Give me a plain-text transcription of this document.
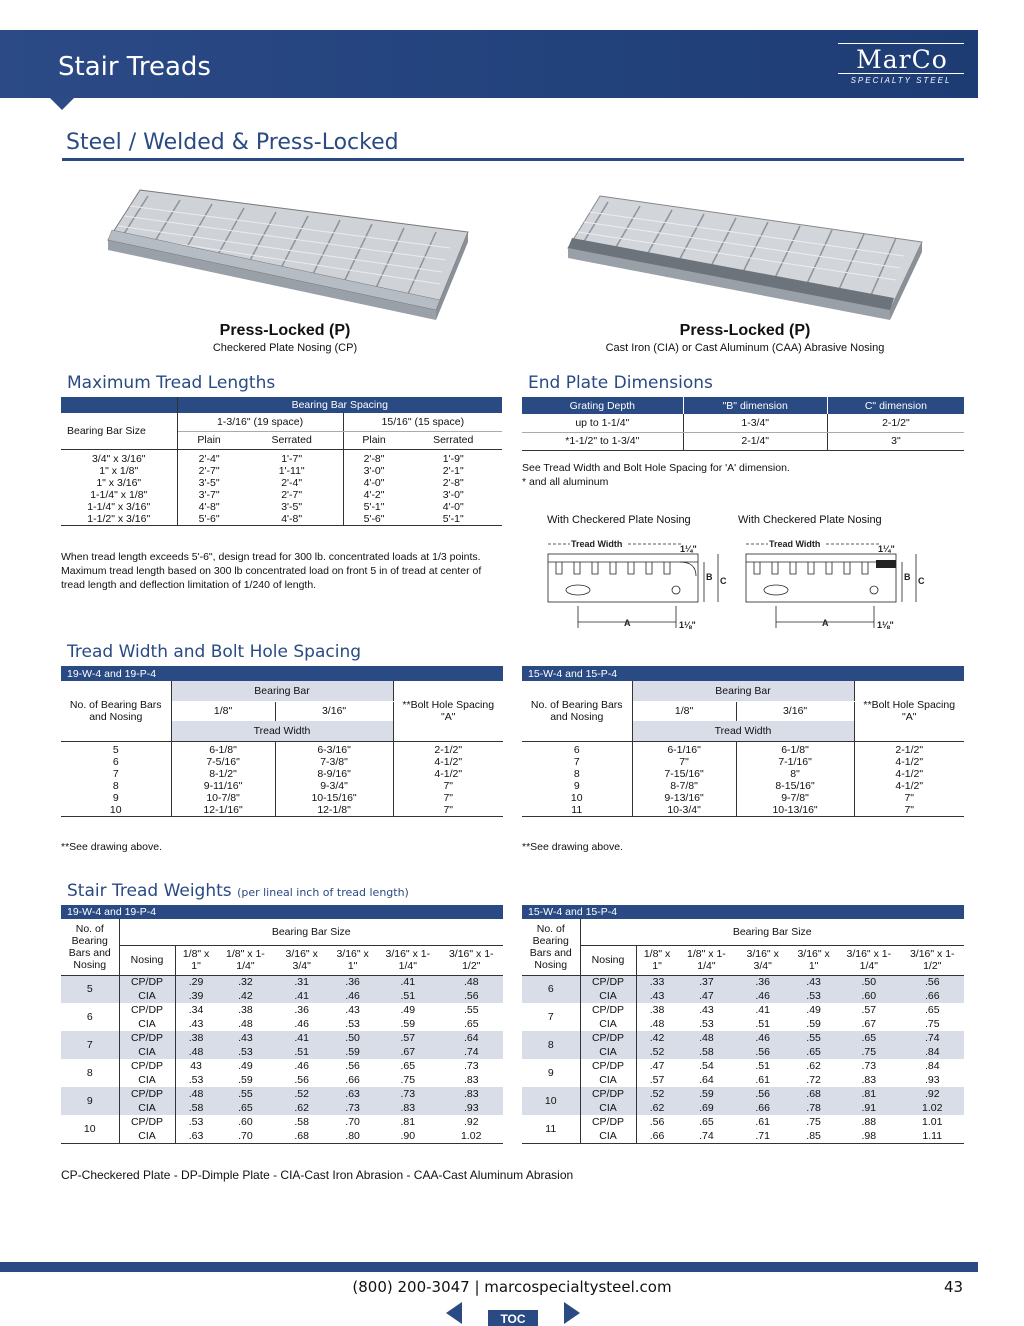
Stair Treads	MarCo
SPECIALTY STEEL
Steel / Welded & Press-Locked
Press-Locked (P)
Checkered Plate Nosing (CP)
Press-Locked (P)
Cast Iron (CIA) or Cast Aluminum (CAA) Abrasive Nosing
Maximum Tread Lengths
	Bearing Bar Spacing			
Bearing Bar Size	1-3/16" (19 space)		15/16" (15 space)	
	Plain	Serrated	Plain	Serrated
3/4" x 3/16"	2'-4"	1'-7"	2'-8"	1'-9"
1" x 1/8"	2'-7"	1'-11"	3'-0"	2'-1"
1" x 3/16"	3'-5"	2'-4"	4'-0"	2'-8"
1-1/4" x 1/8"	3'-7"	2'-7"	4'-2"	3'-0"
1-1/4" x 3/16"	4'-8"	3'-5"	5'-1"	4'-0"
1-1/2" x 3/16"	5'-6"	4'-8"	5'-6"	5'-1"
When tread length exceeds 5'-6", design tread for 300 lb. concentrated loads at 1/3 points. Maximum tread length based on 300 lb concentrated load on front 5 in of tread at center of tread length and deflection limitation of 1/240 of length.
End Plate Dimensions
Grating Depth	"B" dimension	C" dimension
up to 1-1/4"	1-3/4"	2-1/2"
*1-1/2" to 1-3/4"	2-1/4"	3"
See Tread Width and Bolt Hole Spacing for 'A' dimension.
* and all aluminum
With Checkered Plate Nosing	With Checkered Plate Nosing
Tread Width	1¼"
B C
A	1⅛"
Tread Width	1¼"
B C
A	1⅛"
Tread Width and Bolt Hole Spacing
19-W-4 and 19-P-4			
No. of Bearing Bars and Nosing	Bearing Bar		**Bolt Hole Spacing "A"
	1/8"	3/16"	
	Tread Width		
5	6-1/8"	6-3/16"	2-1/2"
6	7-5/16"	7-3/8"	4-1/2"
7	8-1/2"	8-9/16"	4-1/2"
8	9-11/16"	9-3/4"	7"
9	10-7/8"	10-15/16"	7"
10	12-1/16"	12-1/8"	7"
15-W-4 and 15-P-4			
No. of Bearing Bars and Nosing	Bearing Bar		**Bolt Hole Spacing "A"
	1/8"	3/16"	
	Tread Width		
6	6-1/16"	6-1/8"	2-1/2"
7	7"	7-1/16"	4-1/2"
8	7-15/16"	8"	4-1/2"
9	8-7/8"	8-15/16"	4-1/2"
10	9-13/16"	9-7/8"	7"
11	10-3/4"	10-13/16"	7"
**See drawing above.	**See drawing above.
Stair Tread Weights (per lineal inch of tread length)
19-W-4 and 19-P-4							
No. of Bearing Bars and Nosing	Bearing Bar Size						
	Nosing	1/8" x 1"	1/8" x 1-1/4"	3/16" x 3/4"	3/16" x 1"	3/16" x 1-1/4"	3/16" x 1-1/2"
5	CP/DP	.29	.32	.31	.36	.41	.48
	CIA	.39	.42	.41	.46	.51	.56
6	CP/DP	.34	.38	.36	.43	.49	.55
	CIA	.43	.48	.46	.53	.59	.65
7	CP/DP	.38	.43	.41	.50	.57	.64
	CIA	.48	.53	.51	.59	.67	.74
8	CP/DP	43	.49	.46	.56	.65	.73
	CIA	.53	.59	.56	.66	.75	.83
9	CP/DP	.48	.55	.52	.63	.73	.83
	CIA	.58	.65	.62	.73	.83	.93
10	CP/DP	.53	.60	.58	.70	.81	.92
	CIA	.63	.70	.68	.80	.90	1.02

15-W-4 and 15-P-4							
No. of Bearing Bars and Nosing	Bearing Bar Size						
	Nosing	1/8" x 1"	1/8" x 1-1/4"	3/16" x 3/4"	3/16" x 1"	3/16" x 1-1/4"	3/16" x 1-1/2"
6	CP/DP	.33	.37	.36	.43	.50	.56
	CIA	.43	.47	.46	.53	.60	.66
7	CP/DP	.38	.43	.41	.49	.57	.65
	CIA	.48	.53	.51	.59	.67	.75
8	CP/DP	.42	.48	.46	.55	.65	.74
	CIA	.52	.58	.56	.65	.75	.84
9	CP/DP	.47	.54	.51	.62	.73	.84
	CIA	.57	.64	.61	.72	.83	.93
10	CP/DP	.52	.59	.56	.68	.81	.92
	CIA	.62	.69	.66	.78	.91	1.02
11	CP/DP	.56	.65	.61	.75	.88	1.01
	CIA	.66	.74	.71	.85	.98	1.11

CP-Checkered Plate - DP-Dimple Plate - CIA-Cast Iron Abrasion - CAA-Cast Aluminum Abrasion
(800) 200-3047 | marcospecialtysteel.com	43
TOC
